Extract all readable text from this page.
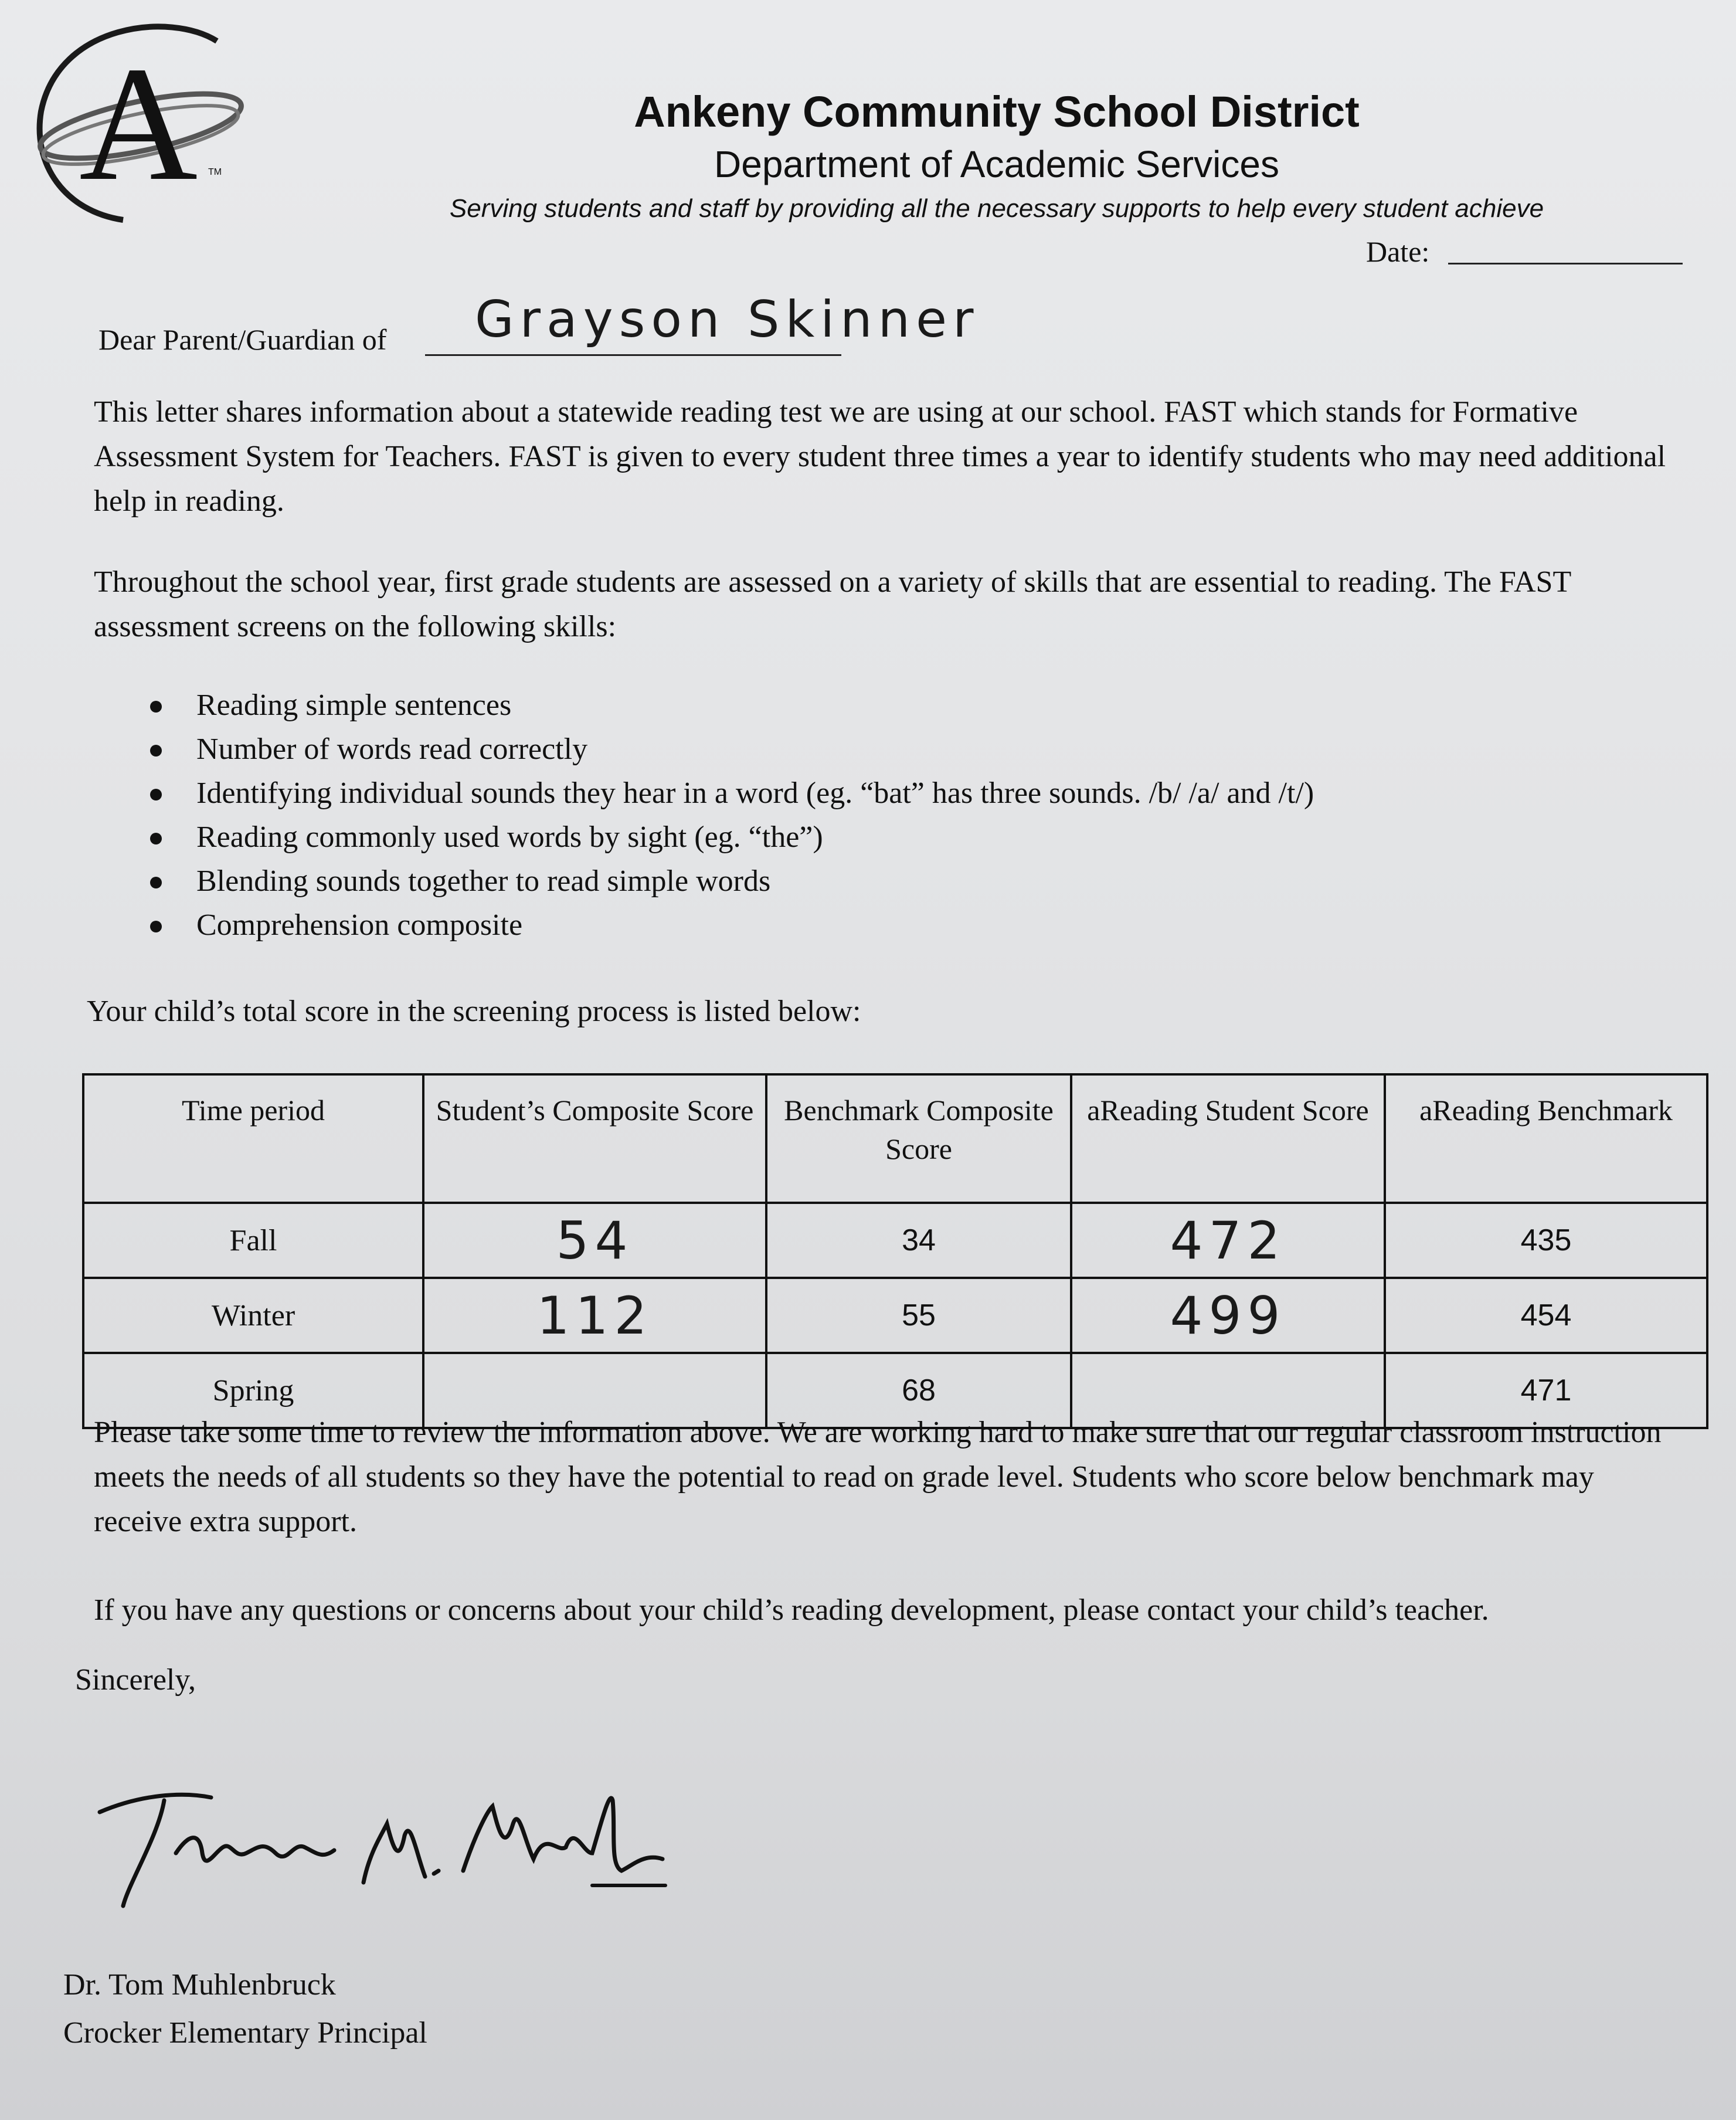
A TM
Ankeny Community School District
Department of Academic Services
Serving students and staff by providing all the necessary supports to help every student achieve
Date:
Dear Parent/Guardian of Grayson Skinner
This letter shares information about a statewide reading test we are using at our school. FAST which stands for Formative Assessment System for Teachers. FAST is given to every student three times a year to identify students who may need additional help in reading.
Throughout the school year, first grade students are assessed on a variety of skills that are essential to reading. The FAST assessment screens on the following skills:
Reading simple sentences
Number of words read correctly
Identifying individual sounds they hear in a word (eg. “bat” has three sounds. /b/ /a/ and /t/)
Reading commonly used words by sight (eg. “the”)
Blending sounds together to read simple words
Comprehension composite
Your child’s total score in the screening process is listed below:
Time period	Student’s Composite Score	Benchmark Composite Score	aReading Student Score	aReading Benchmark
Fall	54	34	472	435
Winter	112	55	499	454
Spring		68		471
Please take some time to review the information above. We are working hard to make sure that our regular classroom instruction meets the needs of all students so they have the potential to read on grade level. Students who score below benchmark may receive extra support.
If you have any questions or concerns about your child’s reading development, please contact your child’s teacher.
Sincerely,
Dr. Tom Muhlenbruck
Crocker Elementary Principal
